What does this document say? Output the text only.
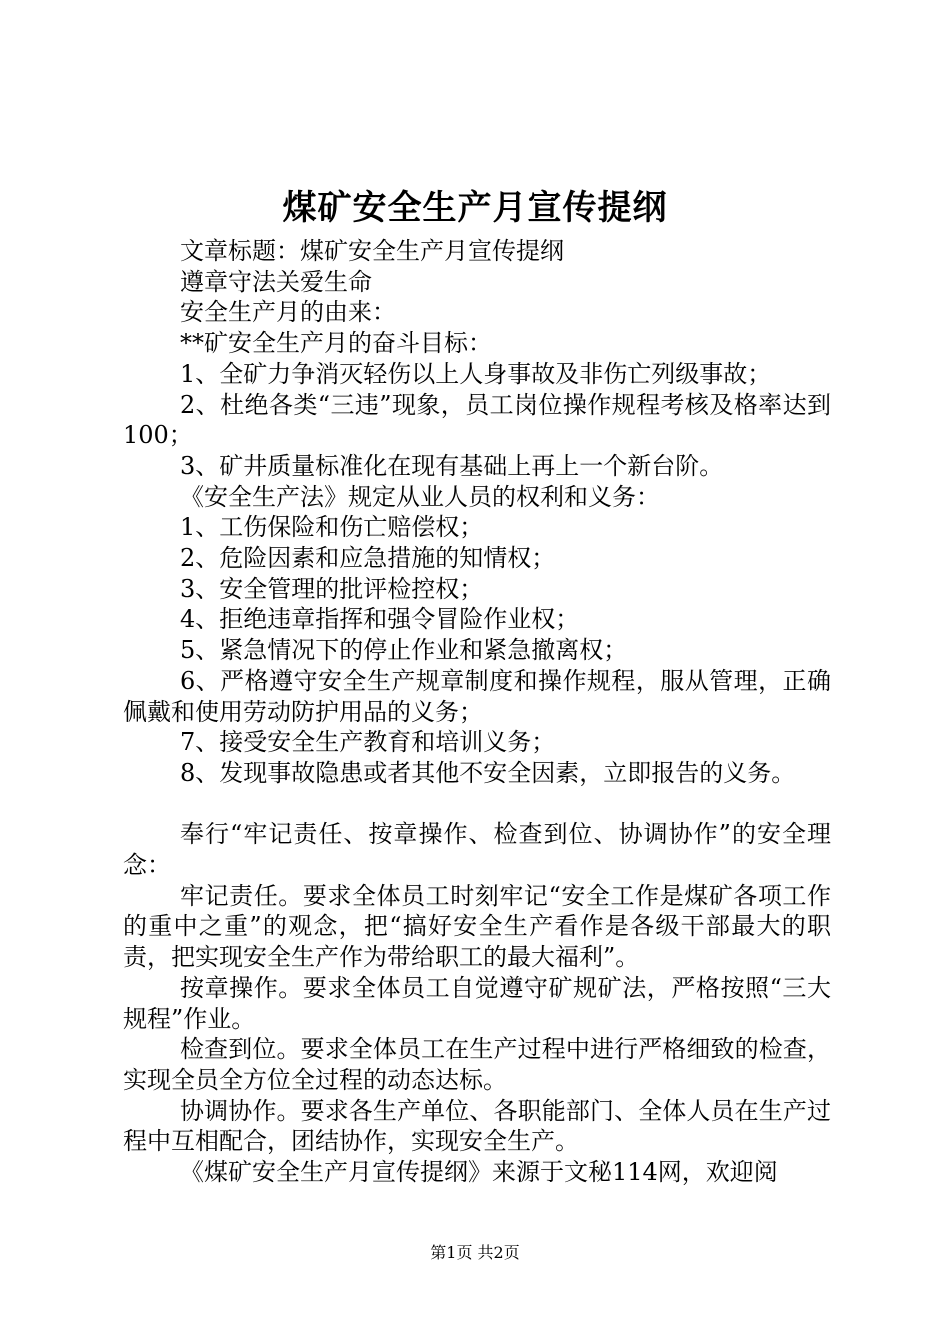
煤矿安全生产月宣传提纲

文章标题：煤矿安全生产月宣传提纲

遵章守法关爱生命

安全生产月的由来：

**矿安全生产月的奋斗目标：

1、全矿力争消灭轻伤以上人身事故及非伤亡列级事故；

2、杜绝各类“三违”现象，员工岗位操作规程考核及格率达到100；

3、矿井质量标准化在现有基础上再上一个新台阶。

《安全生产法》规定从业人员的权利和义务：

1、工伤保险和伤亡赔偿权；

2、危险因素和应急措施的知情权；

3、安全管理的批评检控权；

4、拒绝违章指挥和强令冒险作业权；

5、紧急情况下的停止作业和紧急撤离权；

6、严格遵守安全生产规章制度和操作规程，服从管理，正确佩戴和使用劳动防护用品的义务；

7、接受安全生产教育和培训义务；

8、发现事故隐患或者其他不安全因素，立即报告的义务。

奉行“牢记责任、按章操作、检查到位、协调协作”的安全理念：

牢记责任。要求全体员工时刻牢记“安全工作是煤矿各项工作的重中之重”的观念，把“搞好安全生产看作是各级干部最大的职责，把实现安全生产作为带给职工的最大福利”。

按章操作。要求全体员工自觉遵守矿规矿法，严格按照“三大规程”作业。

检查到位。要求全体员工在生产过程中进行严格细致的检查，实现全员全方位全过程的动态达标。

协调协作。要求各生产单位、各职能部门、全体人员在生产过程中互相配合，团结协作，实现安全生产。

《煤矿安全生产月宣传提纲》来源于文秘114网，欢迎阅

第1页 共2页
